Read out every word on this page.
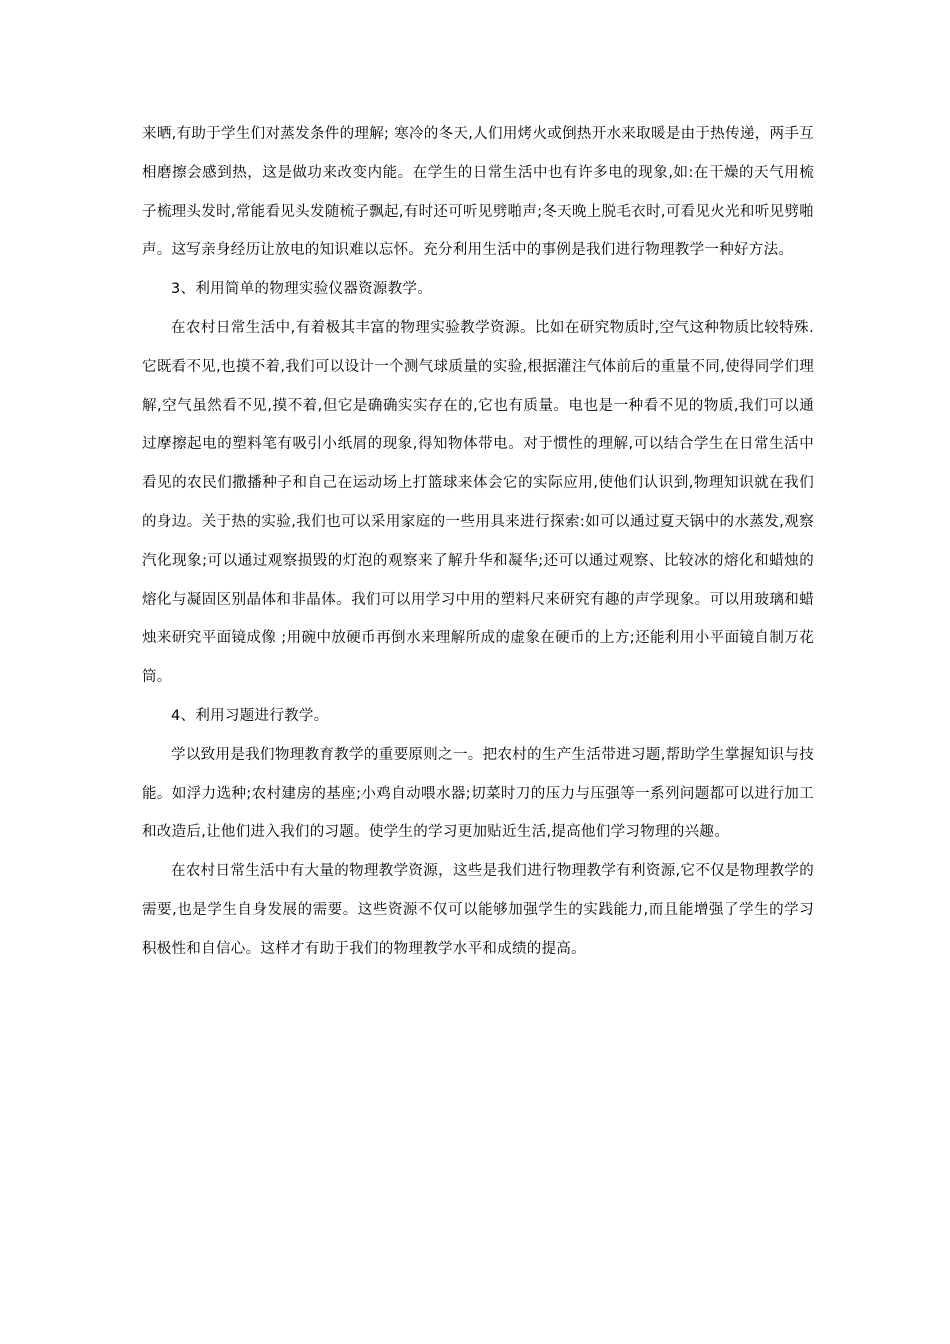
来晒,有助于学生们对蒸发条件的理解; 寒冷的冬天,人们用烤火或倒热开水来取暖是由于热传递，两手互相磨擦会感到热，这是做功来改变内能。在学生的日常生活中也有许多电的现象,如:在干燥的天气用梳子梳理头发时,常能看见头发随梳子飘起,有时还可听见劈啪声;冬天晚上脱毛衣时,可看见火光和听见劈啪声。这写亲身经历让放电的知识难以忘怀。充分利用生活中的事例是我们进行物理教学一种好方法。

3、利用简单的物理实验仪器资源教学。

在农村日常生活中,有着极其丰富的物理实验教学资源。比如在研究物质时,空气这种物质比较特殊.它既看不见,也摸不着,我们可以设计一个测气球质量的实验,根据灌注气体前后的重量不同,使得同学们理解,空气虽然看不见,摸不着,但它是确确实实存在的,它也有质量。电也是一种看不见的物质,我们可以通过摩擦起电的塑料笔有吸引小纸屑的现象,得知物体带电。对于惯性的理解,可以结合学生在日常生活中看见的农民们撒播种子和自己在运动场上打篮球来体会它的实际应用,使他们认识到,物理知识就在我们的身边。关于热的实验,我们也可以采用家庭的一些用具来进行探索:如可以通过夏天锅中的水蒸发,观察汽化现象;可以通过观察损毁的灯泡的观察来了解升华和凝华;还可以通过观察、比较冰的熔化和蜡烛的熔化与凝固区别晶体和非晶体。我们可以用学习中用的塑料尺来研究有趣的声学现象。可以用玻璃和蜡烛来研究平面镜成像 ;用碗中放硬币再倒水来理解所成的虚象在硬币的上方;还能利用小平面镜自制万花筒。

4、利用习题进行教学。

学以致用是我们物理教育教学的重要原则之一。把农村的生产生活带进习题,帮助学生掌握知识与技能。如浮力选种;农村建房的基座;小鸡自动喂水器;切菜时刀的压力与压强等一系列问题都可以进行加工和改造后,让他们进入我们的习题。使学生的学习更加贴近生活,提高他们学习物理的兴趣。

在农村日常生活中有大量的物理教学资源，这些是我们进行物理教学有利资源,它不仅是物理教学的需要,也是学生自身发展的需要。这些资源不仅可以能够加强学生的实践能力,而且能增强了学生的学习积极性和自信心。这样才有助于我们的物理教学水平和成绩的提高。
